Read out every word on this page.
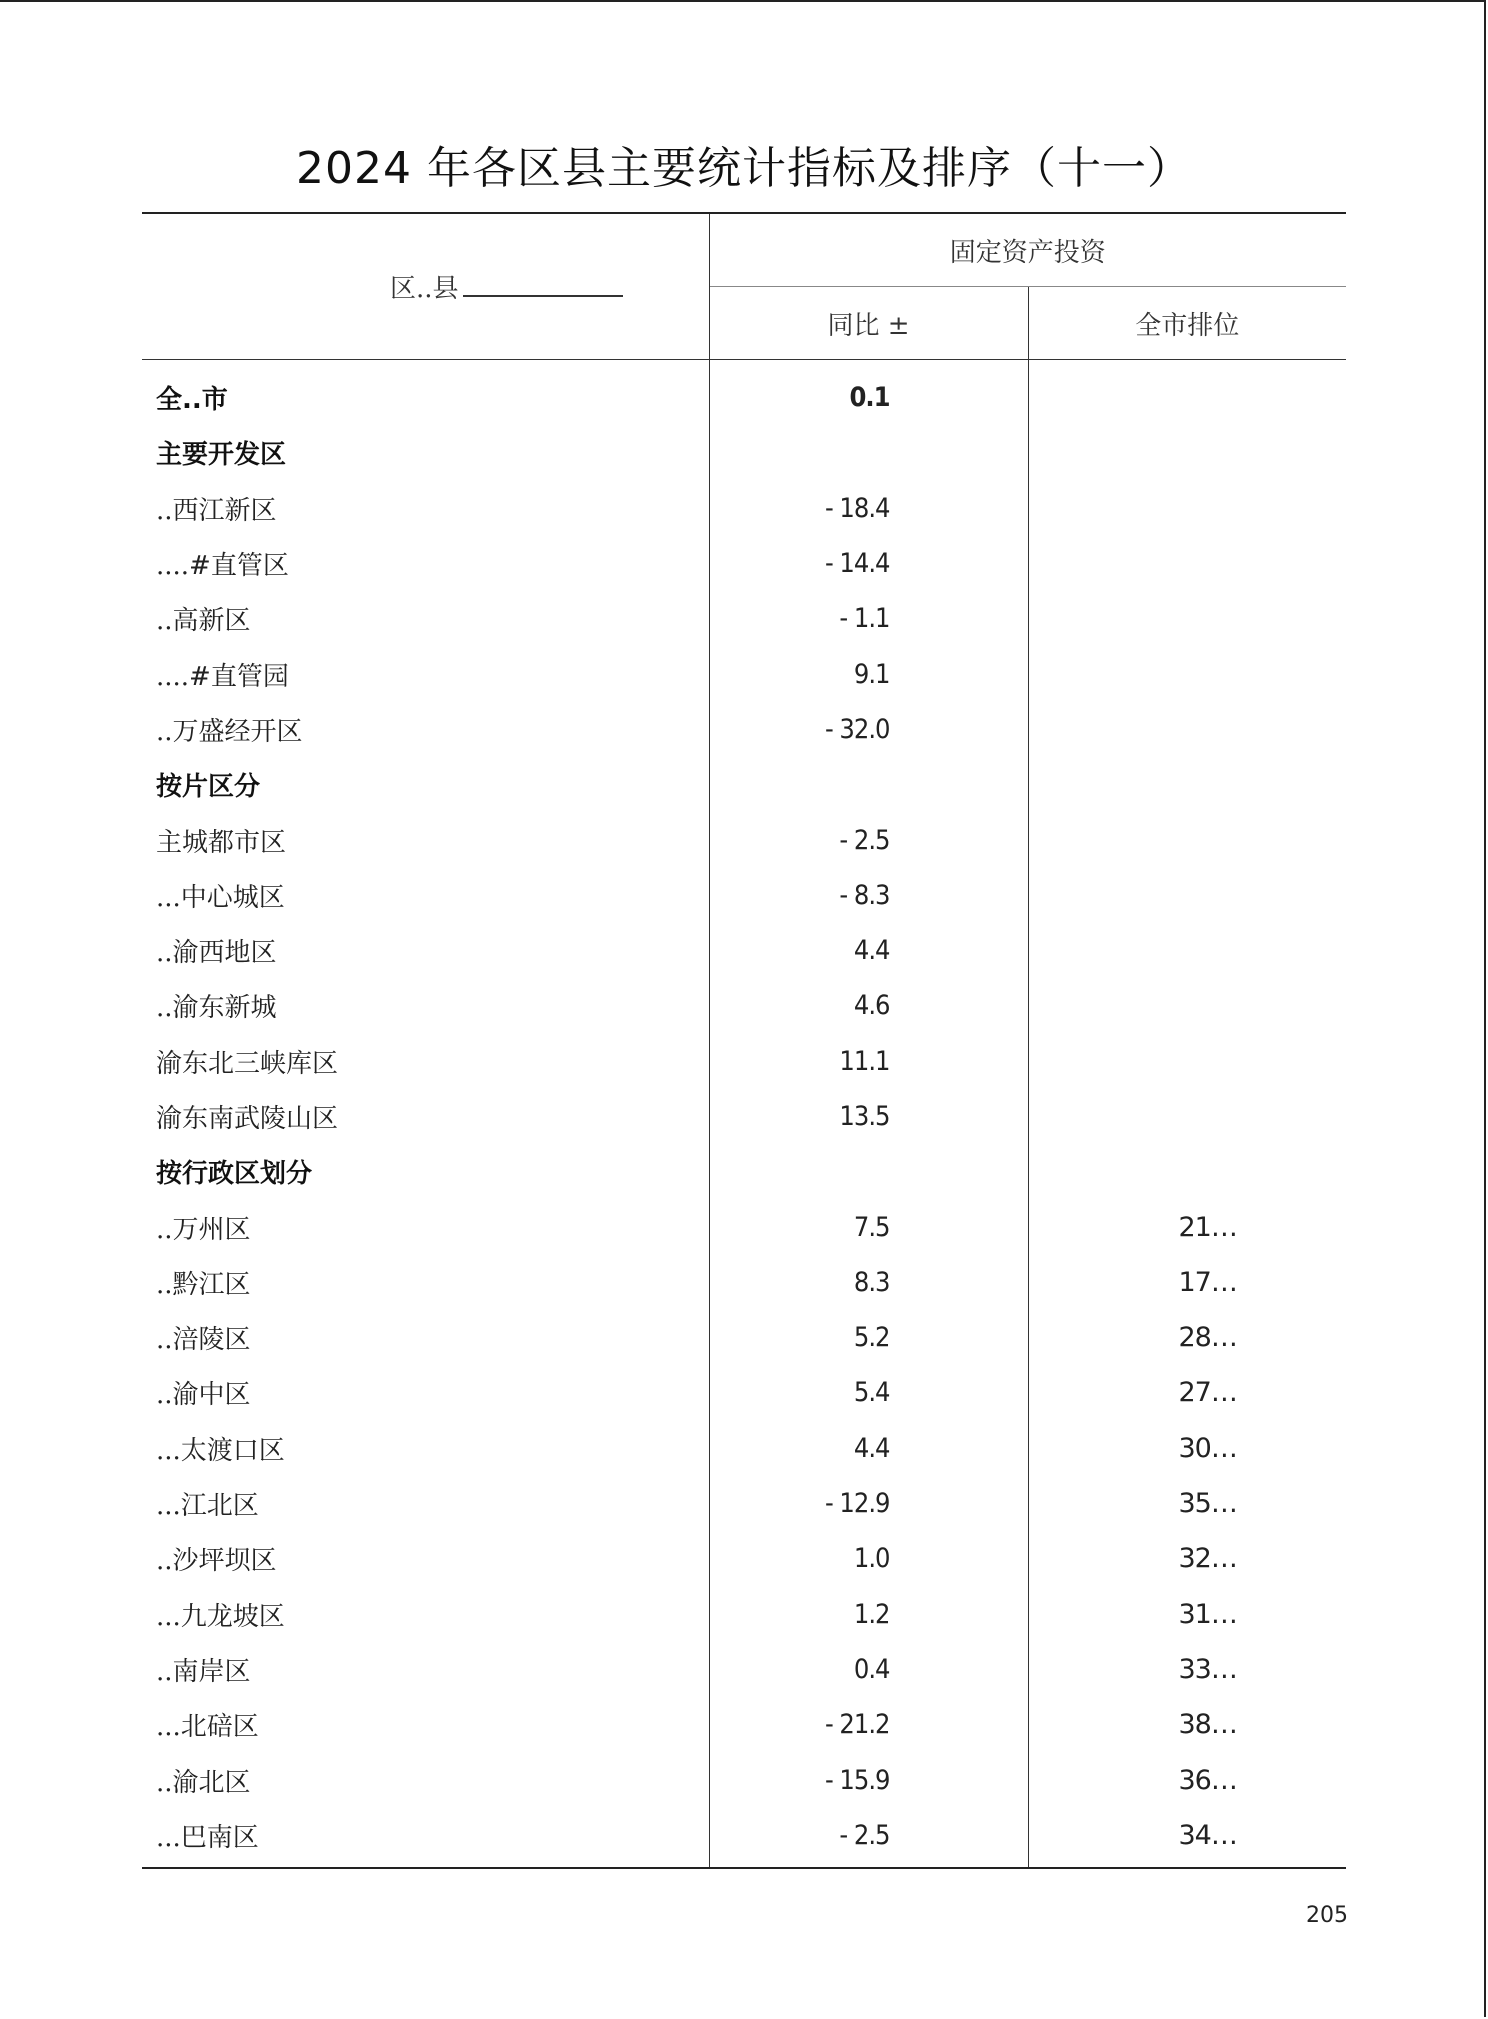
2024 年各区县主要统计指标及排序（十一）
区..县	固定资产投资	
	同比 ±	全市排位
全..市	0.1	
主要开发区		
..西江新区	- 18.4	
....#直管区	- 14.4	
..高新区	- 1.1	
....#直管园	9.1	
..万盛经开区	- 32.0	
按片区分		
主城都市区	- 2.5	
...中心城区	- 8.3	
..渝西地区	4.4	
..渝东新城	4.6	
渝东北三峡库区	11.1	
渝东南武陵山区	13.5	
按行政区划分		
..万州区	7.5	21…
..黔江区	8.3	17…
..涪陵区	5.2	28…
..渝中区	5.4	27…
...太渡口区	4.4	30…
...江北区	- 12.9	35…
..沙坪坝区	1.0	32…
...九龙坡区	1.2	31…
..南岸区	0.4	33…
...北碚区	- 21.2	38…
..渝北区	- 15.9	36…
...巴南区	- 2.5	34…
205
